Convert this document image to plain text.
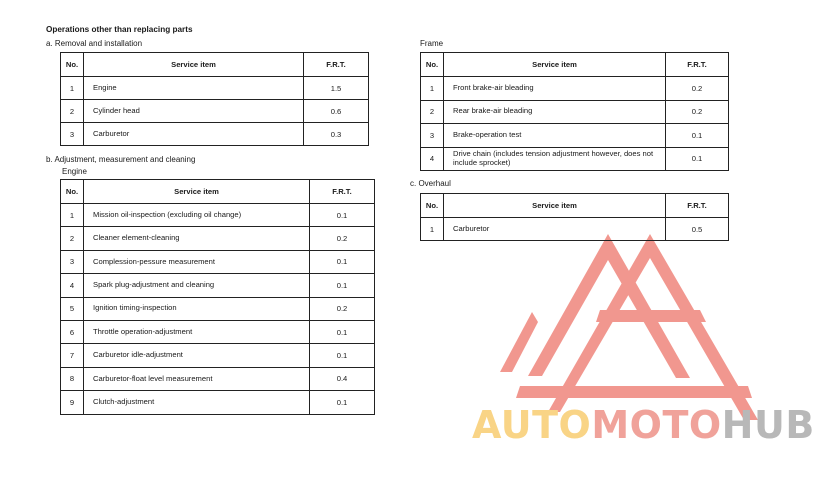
AUTOMOTOHUB
Operations other than replacing parts
a. Removal and installation
No.	Service item	F.R.T.
1	Engine	1.5
2	Cylinder head	0.6
3	Carburetor	0.3
b. Adjustment, measurement and cleaning
Engine
No.	Service item	F.R.T.
1	Mission oil-inspection (excluding oil change)	0.1
2	Cleaner element-cleaning	0.2
3	Complession-pessure measurement	0.1
4	Spark plug-adjustment and cleaning	0.1
5	Ignition timing-inspection	0.2
6	Throttle operation-adjustment	0.1
7	Carburetor idle-adjustment	0.1
8	Carburetor-float level measurement	0.4
9	Clutch-adjustment	0.1
Frame
No.	Service item	F.R.T.
1	Front brake-air bleading	0.2
2	Rear brake-air bleading	0.2
3	Brake-operation test	0.1
4	Drive chain (includes tension adjustment however, does not include sprocket)	0.1
c. Overhaul
No.	Service item	F.R.T.
1	Carburetor	0.5
